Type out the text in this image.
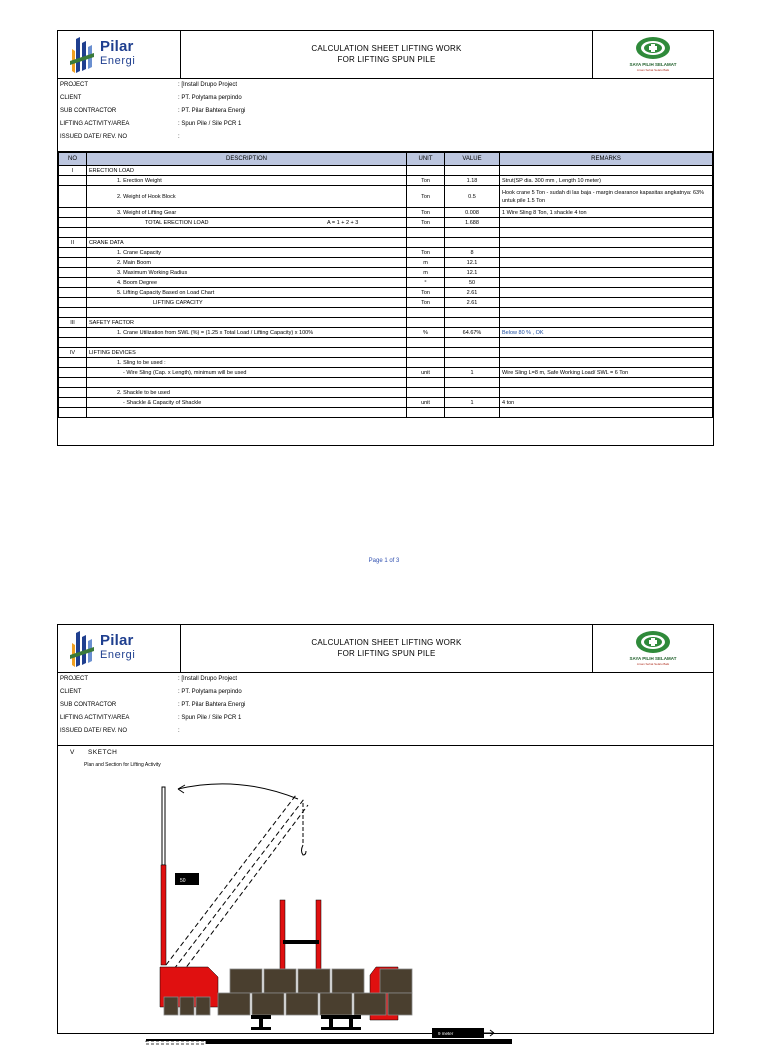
Pilar
Energi
CALCULATION SHEET LIFTING WORK
FOR LIFTING SPUN PILE
SAYA PILIH SELAMAT
Aman Sehat Selalu Baik
PROJECT	: [Install Drupo Project
CLIENT	: PT. Polytama perpindo
SUB CONTRACTOR	: PT. Pilar Bahtera Energi
LIFTING ACTIVITY/AREA	: Spun Pile / Sile PCR 1
ISSUED DATE/ REV. NO	:
NO	DESCRIPTION	UNIT	VALUE	REMARKS
I	ERECTION LOAD			
	1. Erection Weight	Ton	1.18	Strut(SP dia. 300 mm , Length 10 meter)
	2. Weight of Hook Block	Ton	0.5	Hook crane 5 Ton - sudah di las baja - margin clearance kapasitas angkatnya: 63% untuk pile 1.5 Ton
	3. Weight of Lifting Gear	Ton	0.008	1 Wire Sling 8 Ton, 1 shackle 4 ton
	TOTAL ERECTION LOAD A = 1 + 2 + 3	Ton	1.688	

II	CRANE DATA			
	1. Crane Capacity	Ton	8	
	2. Main Boom	m	12.1	
	3. Maximum Working Radius	m	12.1	
	4. Boom Degree	°	50	
	5. Lifting Capacity Based on Load Chart	Ton	2.61	
	LIFTING CAPACITY	Ton	2.61	

III	SAFETY FACTOR			
	1. Crane Utilization from SWL (%) = (1.25 x Total Load / Lifting Capacity) x 100%	%	64.67%	Below 80 % , OK

IV	LIFTING DEVICES			
	1. Sling to be used :			
	- Wire Sling (Cap. x Length), minimum will be used	unit	1	Wire Sling L=8 m, Safe Working Load/ SWL = 6 Ton

	2. Shackle to be used			
	- Shackle & Capacity of Shackle	unit	1	4 ton

Page 1 of 3
Pilar
Energi
CALCULATION SHEET LIFTING WORK
FOR LIFTING SPUN PILE
SAYA PILIH SELAMAT
Aman Sehat Selalu Baik
PROJECT	: [Install Drupo Project
CLIENT	: PT. Polytama perpindo
SUB CONTRACTOR	: PT. Pilar Bahtera Energi
LIFTING ACTIVITY/AREA	: Spun Pile / Sile PCR 1
ISSUED DATE/ REV. NO	:
V SKETCH
Plan and Section for Lifting Activity
50
9 meter
